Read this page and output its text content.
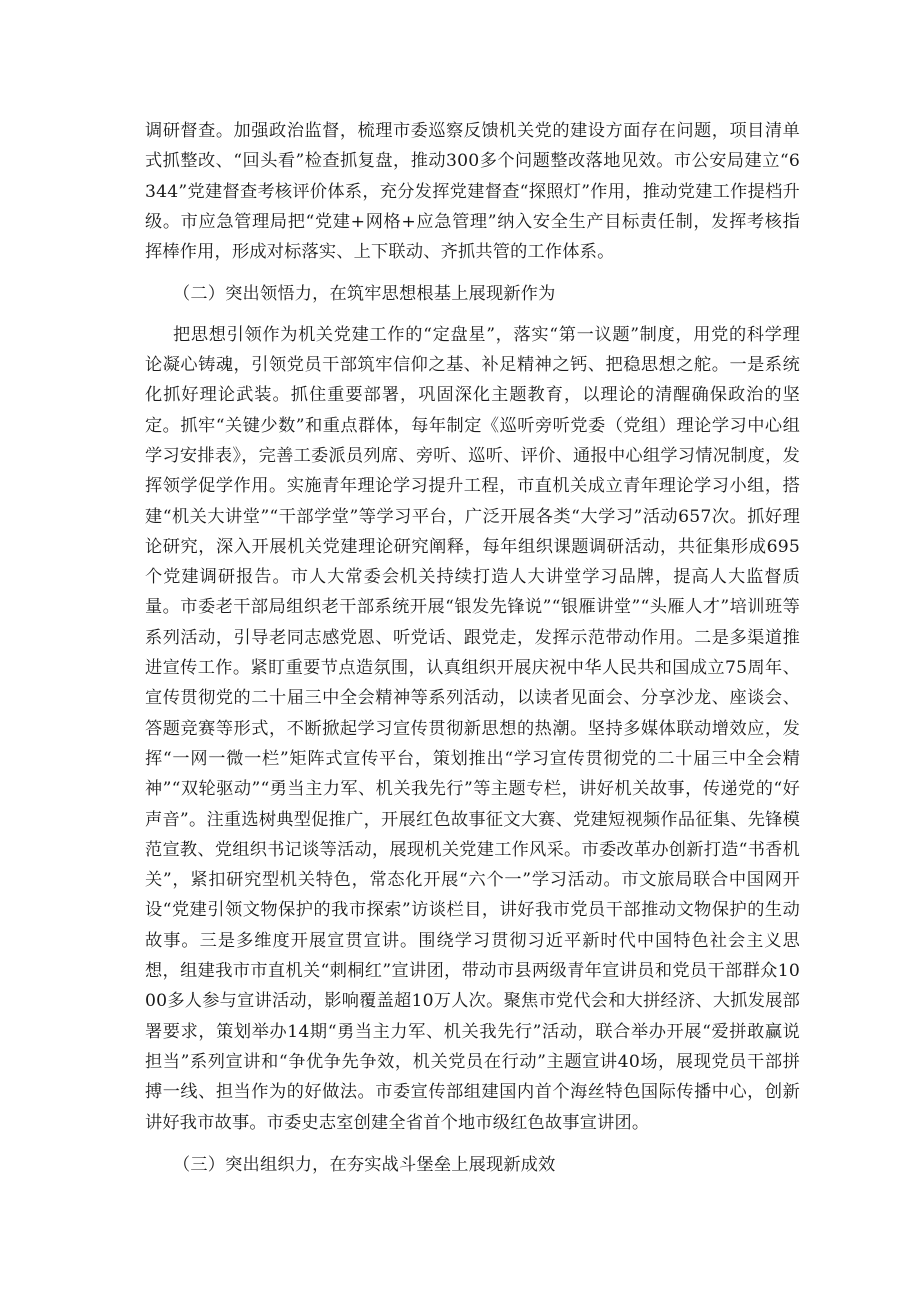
调研督查。加强政治监督，梳理市委巡察反馈机关党的建设方面存在问题，项目清单式抓整改、“回头看”检查抓复盘，推动300多个问题整改落地见效。市公安局建立“6344”党建督查考核评价体系，充分发挥党建督查“探照灯”作用，推动党建工作提档升级。市应急管理局把“党建+网格+应急管理”纳入安全生产目标责任制，发挥考核指挥棒作用，形成对标落实、上下联动、齐抓共管的工作体系。

（二）突出领悟力，在筑牢思想根基上展现新作为

把思想引领作为机关党建工作的“定盘星”，落实“第一议题”制度，用党的科学理论凝心铸魂，引领党员干部筑牢信仰之基、补足精神之钙、把稳思想之舵。一是系统化抓好理论武装。抓住重要部署，巩固深化主题教育，以理论的清醒确保政治的坚定。抓牢“关键少数”和重点群体，每年制定《巡听旁听党委（党组）理论学习中心组学习安排表》，完善工委派员列席、旁听、巡听、评价、通报中心组学习情况制度，发挥领学促学作用。实施青年理论学习提升工程，市直机关成立青年理论学习小组，搭建“机关大讲堂”“干部学堂”等学习平台，广泛开展各类“大学习”活动657次。抓好理论研究，深入开展机关党建理论研究阐释，每年组织课题调研活动，共征集形成695个党建调研报告。市人大常委会机关持续打造人大讲堂学习品牌，提高人大监督质量。市委老干部局组织老干部系统开展“银发先锋说”“银雁讲堂”“头雁人才”培训班等系列活动，引导老同志感党恩、听党话、跟党走，发挥示范带动作用。二是多渠道推进宣传工作。紧盯重要节点造氛围，认真组织开展庆祝中华人民共和国成立75周年、宣传贯彻党的二十届三中全会精神等系列活动，以读者见面会、分享沙龙、座谈会、答题竞赛等形式，不断掀起学习宣传贯彻新思想的热潮。坚持多媒体联动增效应，发挥“一网一微一栏”矩阵式宣传平台，策划推出“学习宣传贯彻党的二十届三中全会精神”“双轮驱动”“勇当主力军、机关我先行”等主题专栏，讲好机关故事，传递党的“好声音”。注重选树典型促推广，开展红色故事征文大赛、党建短视频作品征集、先锋模范宣教、党组织书记谈等活动，展现机关党建工作风采。市委改革办创新打造“书香机关”，紧扣研究型机关特色，常态化开展“六个一”学习活动。市文旅局联合中国网开设“党建引领文物保护的我市探索”访谈栏目，讲好我市党员干部推动文物保护的生动故事。三是多维度开展宣贯宣讲。围绕学习贯彻习近平新时代中国特色社会主义思想，组建我市市直机关“刺桐红”宣讲团，带动市县两级青年宣讲员和党员干部群众1000多人参与宣讲活动，影响覆盖超10万人次。聚焦市党代会和大拼经济、大抓发展部署要求，策划举办14期“勇当主力军、机关我先行”活动，联合举办开展“爱拼敢赢说担当”系列宣讲和“争优争先争效，机关党员在行动”主题宣讲40场，展现党员干部拼搏一线、担当作为的好做法。市委宣传部组建国内首个海丝特色国际传播中心，创新讲好我市故事。市委史志室创建全省首个地市级红色故事宣讲团。

（三）突出组织力，在夯实战斗堡垒上展现新成效
